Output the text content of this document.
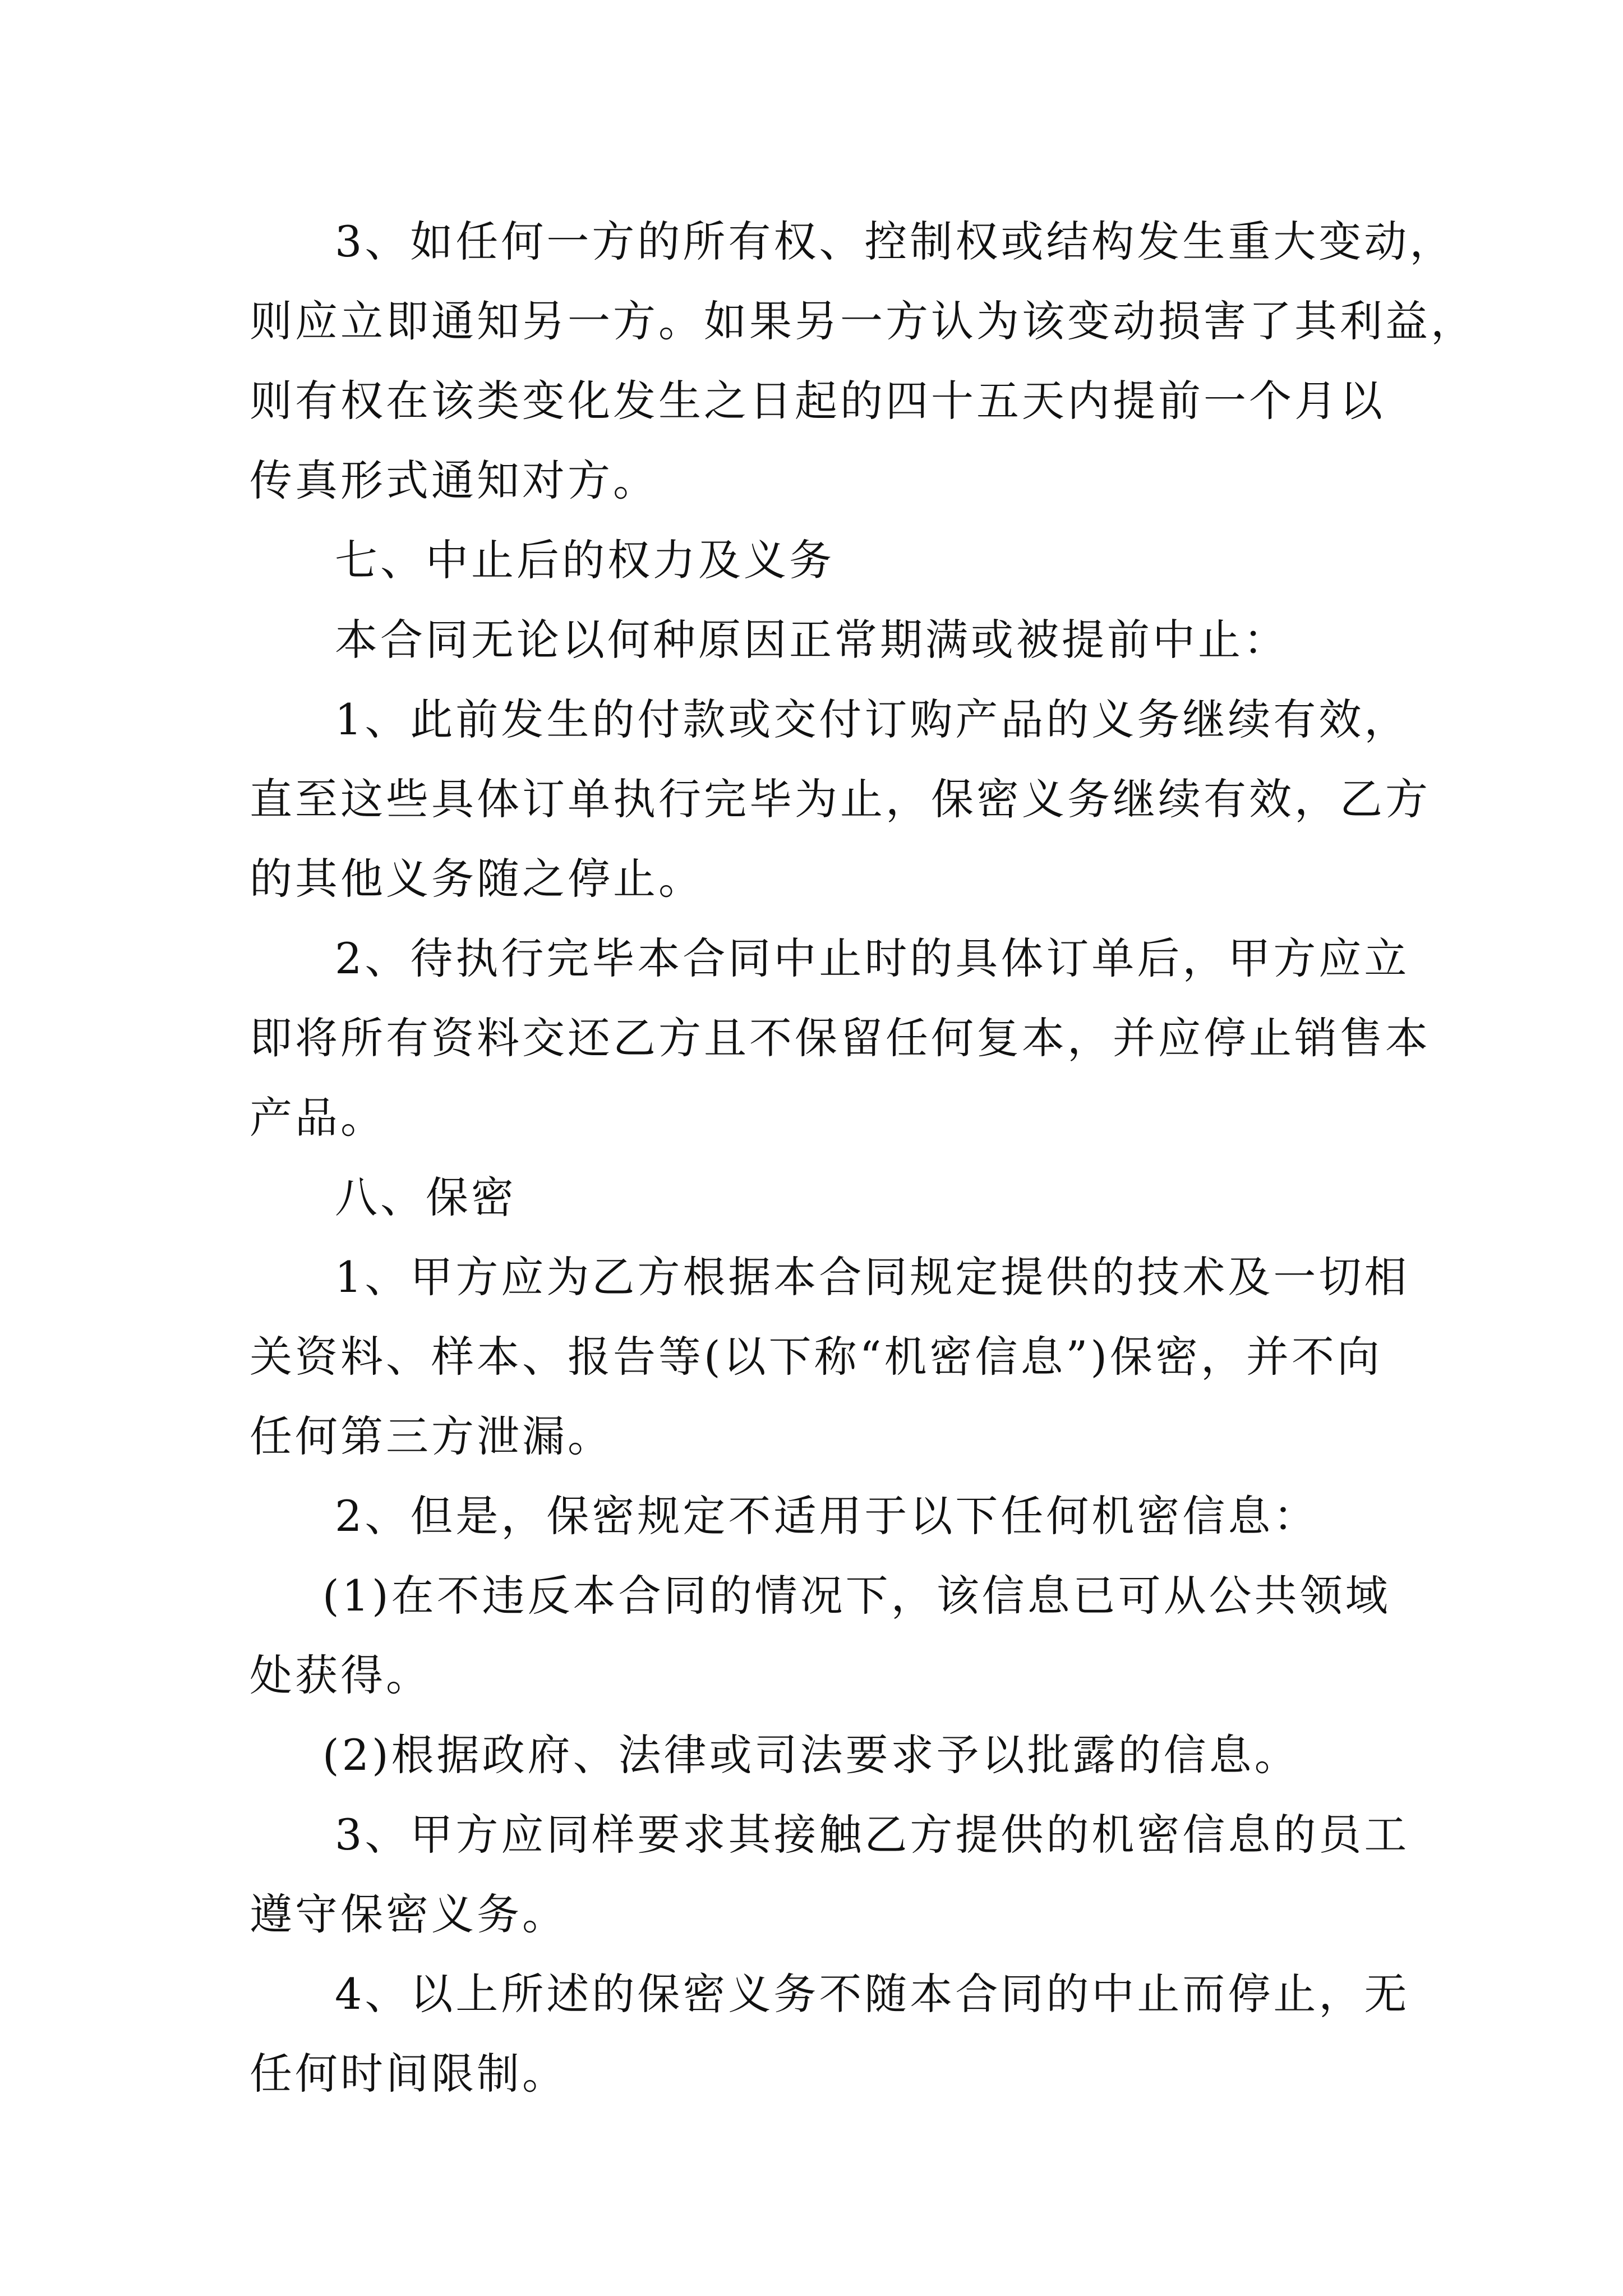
3、如任何一方的所有权、控制权或结构发生重大变动，
则应立即通知另一方。如果另一方认为该变动损害了其利益，
则有权在该类变化发生之日起的四十五天内提前一个月以
传真形式通知对方。

七、中止后的权力及义务

本合同无论以何种原因正常期满或被提前中止：

1、此前发生的付款或交付订购产品的义务继续有效，
直至这些具体订单执行完毕为止，保密义务继续有效，乙方
的其他义务随之停止。

2、待执行完毕本合同中止时的具体订单后，甲方应立
即将所有资料交还乙方且不保留任何复本，并应停止销售本
产品。

八、保密

1、甲方应为乙方根据本合同规定提供的技术及一切相
关资料、样本、报告等(以下称“机密信息”)保密，并不向
任何第三方泄漏。

2、但是，保密规定不适用于以下任何机密信息：

(1)在不违反本合同的情况下，该信息已可从公共领域
处获得。

(2)根据政府、法律或司法要求予以批露的信息。

3、甲方应同样要求其接触乙方提供的机密信息的员工
遵守保密义务。

4、以上所述的保密义务不随本合同的中止而停止，无
任何时间限制。
